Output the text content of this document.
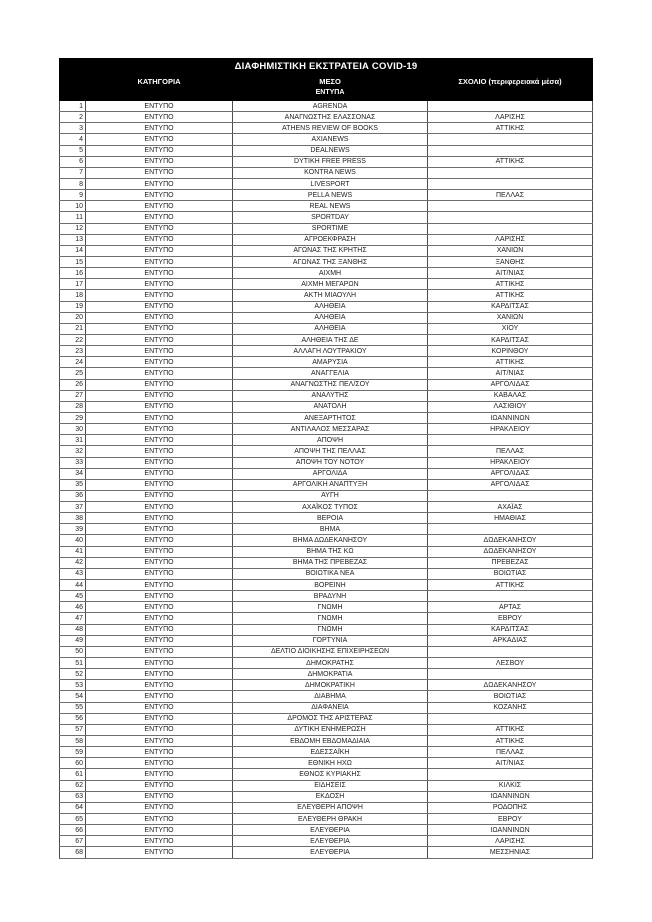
ΔΙΑΦΗΜΙΣΤΙΚΗ ΕΚΣΤΡΑΤΕΙΑ COVID-19			
	ΚΑΤΗΓΟΡΙΑ	ΜΕΣΟ	ΣΧΟΛΙΟ (περιφερειακά μέσα)
		ΕΝΤΥΠΑ	
1	ΕΝΤΥΠΟ	AGRENDA	
2	ΕΝΤΥΠΟ	ΑΝΑΓΝΩΣΤΗΣ ΕΛΑΣΣΟΝΑΣ	ΛΑΡΙΣΗΣ
3	ΕΝΤΥΠΟ	ATHENS REVIEW OF BOOKS	ΑΤΤΙΚΗΣ
4	ΕΝΤΥΠΟ	AXIANEWS	
5	ΕΝΤΥΠΟ	DEALNEWS	
6	ΕΝΤΥΠΟ	DYTIKH FREE PRESS	ΑΤΤΙΚΗΣ
7	ΕΝΤΥΠΟ	KONTRA NEWS	
8	ΕΝΤΥΠΟ	LIVESPORT	
9	ΕΝΤΥΠΟ	PELLA NEWS	ΠΕΛΛΑΣ
10	ΕΝΤΥΠΟ	REAL NEWS	
11	ΕΝΤΥΠΟ	SPORTDAY	
12	ΕΝΤΥΠΟ	SPORTIME	
13	ΕΝΤΥΠΟ	ΑΓΡΟΕΚΦΡΑΣΗ	ΛΑΡΙΣΗΣ
14	ΕΝΤΥΠΟ	ΑΓΩΝΑΣ ΤΗΣ ΚΡΗΤΗΣ	ΧΑΝΙΩΝ
15	ΕΝΤΥΠΟ	ΑΓΩΝΑΣ ΤΗΣ ΞΑΝΘΗΣ	ΞΑΝΘΗΣ
16	ΕΝΤΥΠΟ	ΑΙΧΜΗ	ΑΙΤ/ΝΙΑΣ
17	ΕΝΤΥΠΟ	ΑΙΧΜΗ ΜΕΓΑΡΩΝ	ΑΤΤΙΚΗΣ
18	ΕΝΤΥΠΟ	ΑΚΤΗ ΜΙΑΟΥΛΗ	ΑΤΤΙΚΗΣ
19	ΕΝΤΥΠΟ	ΑΛΗΘΕΙΑ	ΚΑΡΔΙΤΣΑΣ
20	ΕΝΤΥΠΟ	ΑΛΗΘΕΙΑ	ΧΑΝΙΩΝ
21	ΕΝΤΥΠΟ	ΑΛΗΘΕΙΑ	ΧΙΟΥ
22	ΕΝΤΥΠΟ	ΑΛΗΘΕΙΑ ΤΗΣ ΔΕ	ΚΑΡΔΙΤΣΑΣ
23	ΕΝΤΥΠΟ	ΑΛΛΑΓΗ ΛΟΥΤΡΑΚΙΟΥ	ΚΟΡΙΝΘΟΥ
24	ΕΝΤΥΠΟ	ΑΜΑΡΥΣΙΑ	ΑΤΤΙΚΗΣ
25	ΕΝΤΥΠΟ	ΑΝΑΓΓΕΛΙΑ	ΑΙΤ/ΝΙΑΣ
26	ΕΝΤΥΠΟ	ΑΝΑΓΝΩΣΤΗΣ ΠΕΛ/ΣΟΥ	ΑΡΓΟΛΙΔΑΣ
27	ΕΝΤΥΠΟ	ΑΝΑΛΥΤΗΣ	ΚΑΒΑΛΑΣ
28	ΕΝΤΥΠΟ	ΑΝΑΤΟΛΗ	ΛΑΣΙΘΙΟΥ
29	ΕΝΤΥΠΟ	ΑΝΕΞΑΡΤΗΤΟΣ	ΙΩΑΝΝΙΝΩΝ
30	ΕΝΤΥΠΟ	ΑΝΤΙΛΑΛΟΣ ΜΕΣΣΑΡΑΣ	ΗΡΑΚΛΕΙΟΥ
31	ΕΝΤΥΠΟ	ΑΠΟΨΗ	
32	ΕΝΤΥΠΟ	ΑΠΟΨΗ ΤΗΣ ΠΕΛΛΑΣ	ΠΕΛΛΑΣ
33	ΕΝΤΥΠΟ	ΑΠΟΨΗ ΤΟΥ ΝΟΤΟΥ	ΗΡΑΚΛΕΙΟΥ
34	ΕΝΤΥΠΟ	ΑΡΓΟΛΙΔΑ	ΑΡΓΟΛΙΔΑΣ
35	ΕΝΤΥΠΟ	ΑΡΓΟΛΙΚΗ ΑΝΑΠΤΥΞΗ	ΑΡΓΟΛΙΔΑΣ
36	ΕΝΤΥΠΟ	ΑΥΓΗ	
37	ΕΝΤΥΠΟ	ΑΧΑΪΚΟΣ ΤΥΠΟΣ	ΑΧΑΪΑΣ
38	ΕΝΤΥΠΟ	ΒΕΡΟΙΑ	ΗΜΑΘΙΑΣ
39	ΕΝΤΥΠΟ	ΒΗΜΑ	
40	ΕΝΤΥΠΟ	ΒΗΜΑ ΔΩΔΕΚΑΝΗΣΟΥ	ΔΩΔΕΚΑΝΗΣΟΥ
41	ΕΝΤΥΠΟ	ΒΗΜΑ ΤΗΣ ΚΩ	ΔΩΔΕΚΑΝΗΣΟΥ
42	ΕΝΤΥΠΟ	ΒΗΜΑ ΤΗΣ ΠΡΕΒΕΖΑΣ	ΠΡΕΒΕΖΑΣ
43	ΕΝΤΥΠΟ	ΒΟΙΩΤΙΚΑ ΝΕΑ	ΒΟΙΩΤΙΑΣ
44	ΕΝΤΥΠΟ	ΒΟΡΕΙΝΗ	ΑΤΤΙΚΗΣ
45	ΕΝΤΥΠΟ	ΒΡΑΔΥΝΗ	
46	ΕΝΤΥΠΟ	ΓΝΩΜΗ	ΑΡΤΑΣ
47	ΕΝΤΥΠΟ	ΓΝΩΜΗ	ΕΒΡΟΥ
48	ΕΝΤΥΠΟ	ΓΝΩΜΗ	ΚΑΡΔΙΤΣΑΣ
49	ΕΝΤΥΠΟ	ΓΟΡΤΥΝΙΑ	ΑΡΚΑΔΙΑΣ
50	ΕΝΤΥΠΟ	ΔΕΛΤΙΟ ΔΙΟΙΚΗΣΗΣ ΕΠΙΧΕΙΡΗΣΕΩΝ	
51	ΕΝΤΥΠΟ	ΔΗΜΟΚΡΑΤΗΣ	ΛΕΣΒΟΥ
52	ΕΝΤΥΠΟ	ΔΗΜΟΚΡΑΤΙΑ	
53	ΕΝΤΥΠΟ	ΔΗΜΟΚΡΑΤΙΚΗ	ΔΩΔΕΚΑΝΗΣΟΥ
54	ΕΝΤΥΠΟ	ΔΙΑΒΗΜΑ	ΒΟΙΩΤΙΑΣ
55	ΕΝΤΥΠΟ	ΔΙΑΦΑΝΕΙΑ	ΚΟΖΑΝΗΣ
56	ΕΝΤΥΠΟ	ΔΡΟΜΟΣ ΤΗΣ ΑΡΙΣΤΕΡΑΣ	
57	ΕΝΤΥΠΟ	ΔΥΤΙΚΗ ΕΝΗΜΕΡΩΣΗ	ΑΤΤΙΚΗΣ
58	ΕΝΤΥΠΟ	ΕΒΔΟΜΗ ΕΒΔΟΜΑΔΙΑΙΑ	ΑΤΤΙΚΗΣ
59	ΕΝΤΥΠΟ	ΕΔΕΣΣΑΪΚΗ	ΠΕΛΛΑΣ
60	ΕΝΤΥΠΟ	ΕΘΝΙΚΗ ΗΧΩ	ΑΙΤ/ΝΙΑΣ
61	ΕΝΤΥΠΟ	ΕΘΝΟΣ ΚΥΡΙΑΚΗΣ	
62	ΕΝΤΥΠΟ	ΕΙΔΗΣΕΙΣ	ΚΙΛΚΙΣ
63	ΕΝΤΥΠΟ	ΕΚΔΟΣΗ	ΙΩΑΝΝΙΝΩΝ
64	ΕΝΤΥΠΟ	ΕΛΕΥΘΕΡΗ ΑΠΟΨΗ	ΡΟΔΟΠΗΣ
65	ΕΝΤΥΠΟ	ΕΛΕΥΘΕΡΗ ΘΡΑΚΗ	ΕΒΡΟΥ
66	ΕΝΤΥΠΟ	ΕΛΕΥΘΕΡΙΑ	ΙΩΑΝΝΙΝΩΝ
67	ΕΝΤΥΠΟ	ΕΛΕΥΘΕΡΙΑ	ΛΑΡΙΣΗΣ
68	ΕΝΤΥΠΟ	ΕΛΕΥΘΕΡΙΑ	ΜΕΣΣΗΝΙΑΣ
